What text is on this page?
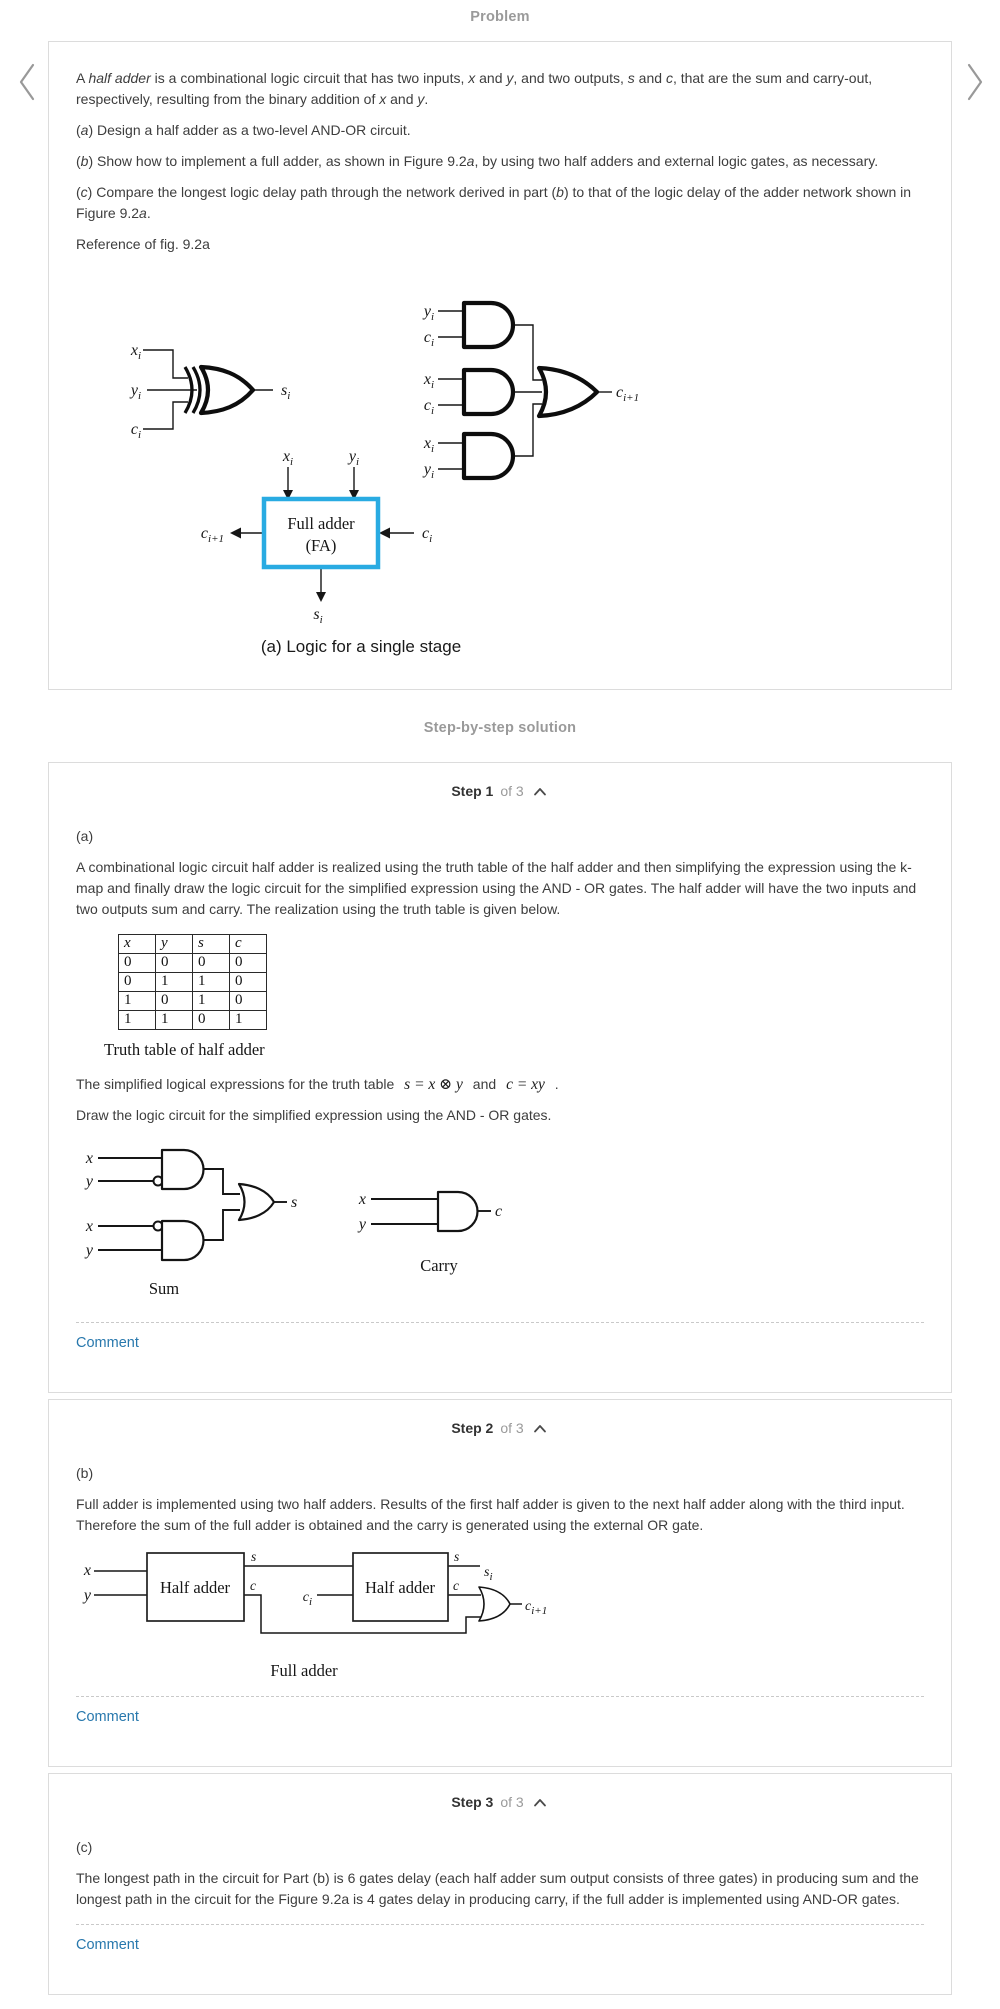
Problem

A half adder is a combinational logic circuit that has two inputs, x and y, and two outputs, s and c, that are the sum and carry-out, respectively, resulting from the binary addition of x and y.

(a) Design a half adder as a two-level AND-OR circuit.

(b) Show how to implement a full adder, as shown in Figure 9.2a, by using two half adders and external logic gates, as necessary.

(c) Compare the longest logic delay path through the network derived in part (b) to that of the logic delay of the adder network shown in Figure 9.2a.

Reference of fig. 9.2a

$x_i$
$y_i$
$c_i$
$s_i$
$y_i$
$c_i$
$x_i$
$c_i$
$x_i$
$y_i$
$c_{i+1}$
$x_i$	$y_i$
$c_{i+1}$	$c_i$
$s_i$
Full adder
(FA)
(a) Logic for a single stage
Step-by-step solution
Step 1 of 3

(a)

A combinational logic circuit half adder is realized using the truth table of the half adder and then simplifying the expression using the k-map and finally draw the logic circuit for the simplified expression using the AND - OR gates. The half adder will have the two inputs and two outputs sum and carry. The realization using the truth table is given below.

x	y	s	c
0	0	0	0
0	1	1	0
1	0	1	0
1	1	0	1
Truth table of half adder

The simplified logical expressions for the truth table s = x ⊗ y and c = xy .

Draw the logic circuit for the simplified expression using the AND - OR gates.

x
y
x
y
s
Sum
x
y
c
Carry
Comment
Step 2 of 3

(b)

Full adder is implemented using two half adders. Results of the first half adder is given to the next half adder along with the third input. Therefore the sum of the full adder is obtained and the carry is generated using the external OR gate.

x
y	Half adder
s
c
$c_i$
Half adder
s
c
$s_i$
$c_{i+1}$
Full adder
Comment
Step 3 of 3

(c)

The longest path in the circuit for Part (b) is 6 gates delay (each half adder sum output consists of three gates) in producing sum and the longest path in the circuit for the Figure 9.2a is 4 gates delay in producing carry, if the full adder is implemented using AND-OR gates.

Comment
